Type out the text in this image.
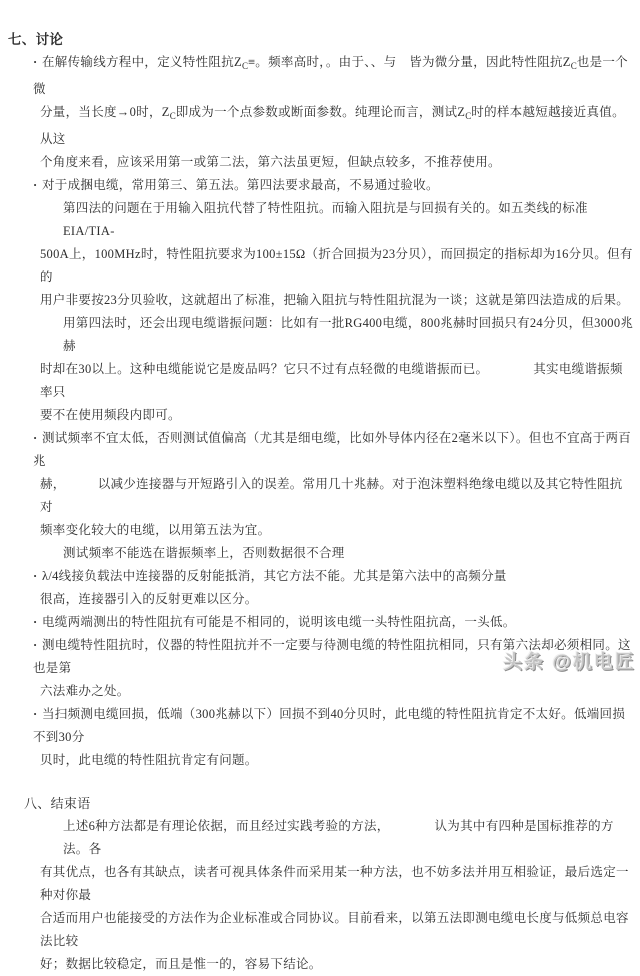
七、讨论
· 在解传输线方程中，定义特性阻抗$Z_C\equiv$。频率高时，。由于、、与　皆为微分量，因此特性阻抗$Z_C$也是一个微
分量，当长度→0时，$Z_C$即成为一个点参数或断面参数。纯理论而言，测试$Z_C$时的样本越短越接近真值。从这
个角度来看，应该采用第一或第二法，第六法虽更短，但缺点较多，不推荐使用。
· 对于成捆电缆，常用第三、第五法。第四法要求最高，不易通过验收。
第四法的问题在于用输入阻抗代替了特性阻抗。而输入阻抗是与回损有关的。如五类线的标准EIA/TIA-
500A上，100MHz时，特性阻抗要求为100±15Ω（折合回损为23分贝），而回损定的指标却为16分贝。但有的
用户非要按23分贝验收，这就超出了标准，把输入阻抗与特性阻抗混为一谈；这就是第四法造成的后果。
用第四法时，还会出现电缆谐振问题：比如有一批RG400电缆，800兆赫时回损只有24分贝，但3000兆赫
时却在30以上。这种电缆能说它是废品吗？它只不过有点轻微的电缆谐振而已。　　　　其实电缆谐振频率只
要不在使用频段内即可。
· 测试频率不宜太低，否则测试值偏高（尤其是细电缆，比如外导体内径在2毫米以下）。但也不宜高于两百兆
赫，　　　以减少连接器与开短路引入的误差。常用几十兆赫。对于泡沫塑料绝缘电缆以及其它特性阻抗对
频率变化较大的电缆，以用第五法为宜。
测试频率不能选在谐振频率上，否则数据很不合理
· λ/4线接负载法中连接器的反射能抵消，其它方法不能。尤其是第六法中的高频分量
很高，连接器引入的反射更难以区分。
· 电缆两端测出的特性阻抗有可能是不相同的，说明该电缆一头特性阻抗高，一头低。
· 测电缆特性阻抗时，仪器的特性阻抗并不一定要与待测电缆的特性阻抗相同，只有第六法却必须相同。这也是第
六法难办之处。
· 当扫频测电缆回损，低端（300兆赫以下）回损不到40分贝时，此电缆的特性阻抗肯定不太好。低端回损不到30分
贝时，此电缆的特性阻抗肯定有问题。
八、结束语
上述6种方法都是有理论依据，而且经过实践考验的方法，　　　　认为其中有四种是国标推荐的方法。各
有其优点，也各有其缺点，读者可视具体条件而采用某一种方法，也不妨多法并用互相验证，最后选定一种对你最
合适而用户也能接受的方法作为企业标准或合同协议。目前看来，以第五法即测电缆电长度与低频总电容法比较
好；数据比较稳定，而且是惟一的，容易下结论。
头条 @机电匠
